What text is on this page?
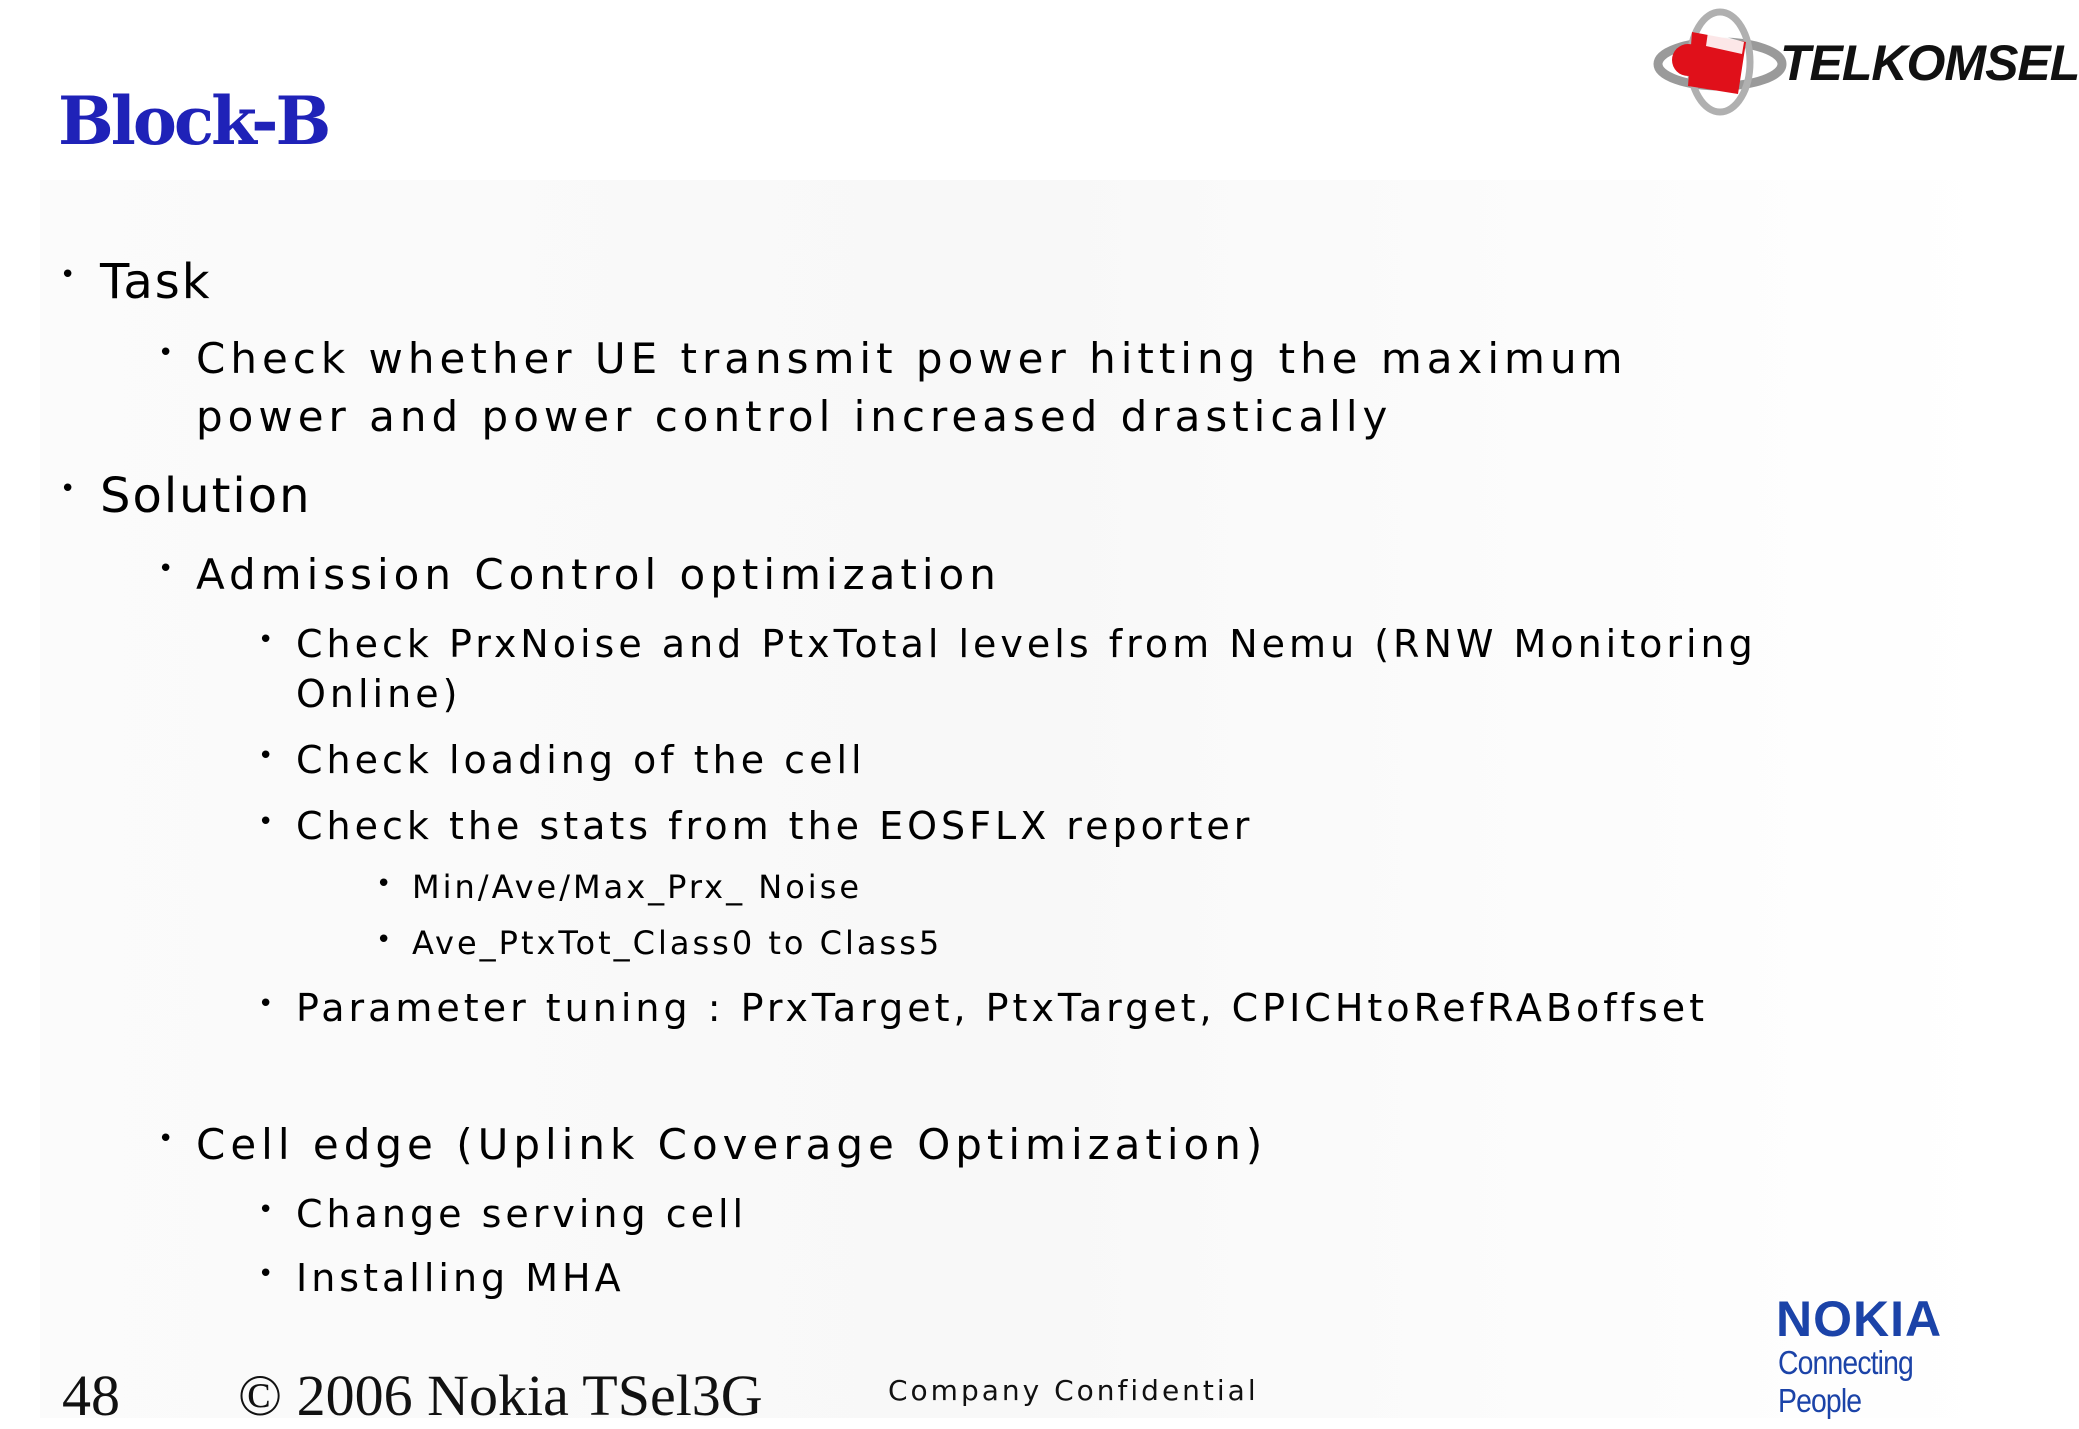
Block-B
TELKOMSEL
• Task
• Check whether UE transmit power hitting the maximum
power and power control increased drastically
• Solution
• Admission Control optimization
• Check PrxNoise and PtxTotal levels from Nemu (RNW Monitoring
Online)
• Check loading of the cell
• Check the stats from the EOSFLX reporter
• Min/Ave/Max_Prx_ Noise
• Ave_PtxTot_Class0 to Class5
• Parameter tuning : PrxTarget, PtxTarget, CPICHtoRefRABoffset
• Cell edge (Uplink Coverage Optimization)
• Change serving cell
• Installing MHA
NOKIA
Connecting People
48 © 2006 Nokia TSel3G	Company Confidential
